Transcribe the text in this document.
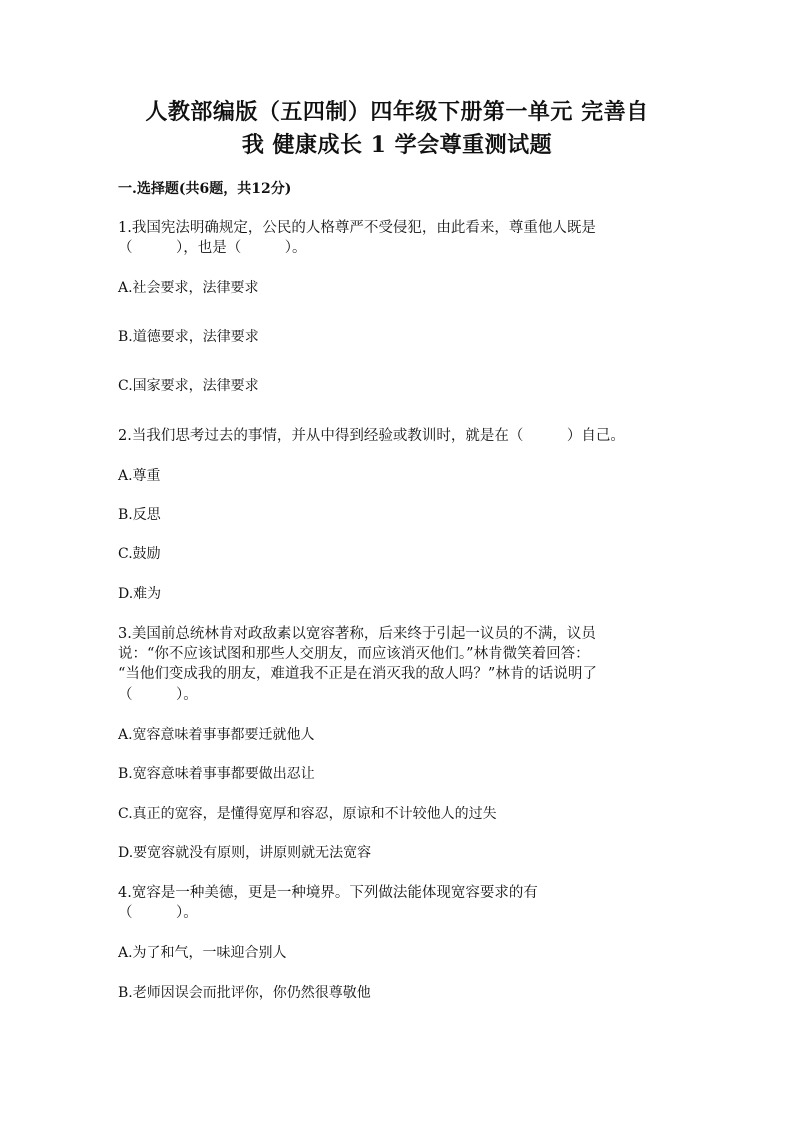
人教部编版（五四制）四年级下册第一单元 完善自
我 健康成长 1 学会尊重测试题
一.选择题(共6题，共12分)
1.我国宪法明确规定，公民的人格尊严不受侵犯，由此看来，尊重他人既是
（　　　），也是（　　　）。
A.社会要求，法律要求
B.道德要求，法律要求
C.国家要求，法律要求
2.当我们思考过去的事情，并从中得到经验或教训时，就是在（　　　）自己。
A.尊重
B.反思
C.鼓励
D.难为
3.美国前总统林肯对政敌素以宽容著称，后来终于引起一议员的不满，议员
说：“你不应该试图和那些人交朋友，而应该消灭他们。”林肯微笑着回答：
“当他们变成我的朋友，难道我不正是在消灭我的敌人吗？”林肯的话说明了
（　　　）。
A.宽容意味着事事都要迁就他人
B.宽容意味着事事都要做出忍让
C.真正的宽容，是懂得宽厚和容忍，原谅和不计较他人的过失
D.要宽容就没有原则，讲原则就无法宽容
4.宽容是一种美德，更是一种境界。下列做法能体现宽容要求的有
（　　　）。
A.为了和气，一味迎合别人
B.老师因误会而批评你，你仍然很尊敬他
